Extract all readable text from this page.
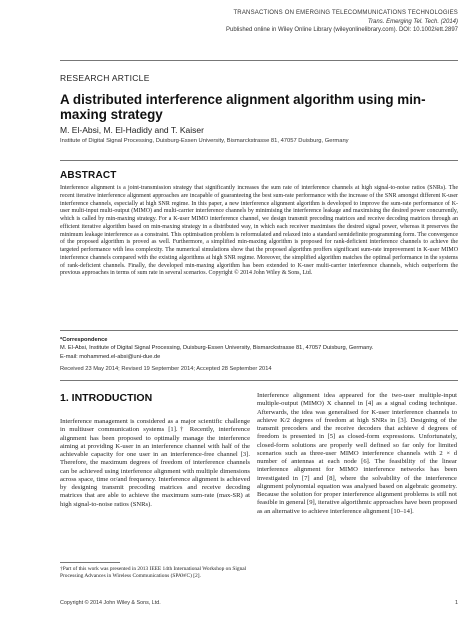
TRANSACTIONS ON EMERGING TELECOMMUNICATIONS TECHNOLOGIES
Trans. Emerging Tel. Tech. (2014)
Published online in Wiley Online Library (wileyonlinelibrary.com). DOI: 10.1002/ett.2897
RESEARCH ARTICLE
A distributed interference alignment algorithm using min-maxing strategy
M. El-Absi, M. El-Hadidy and T. Kaiser
Institute of Digital Signal Processing, Duisburg-Essen University, Bismarckstrasse 81, 47057 Duisburg, Germany
ABSTRACT
Interference alignment is a joint-transmission strategy that significantly increases the sum rate of interference channels at high signal-to-noise ratios (SNRs). The recent iterative interference alignment approaches are incapable of guaranteeing the best sum-rate performance with the increase of the SNR amongst different K-user interference channels, especially at high SNR regime. In this paper, a new interference alignment algorithm is developed to improve the sum-rate performance of K-user multi-input multi-output (MIMO) and multi-carrier interference channels by minimising the interference leakage and maximising the desired power concurrently, which is called by min-maxing strategy. For a K-user MIMO interference channel, we design transmit precoding matrices and receive decoding matrices through an efficient iterative algorithm based on min-maxing strategy in a distributed way, in which each receiver maximises the desired signal power, whereas it preserves the minimum leakage interference as a constraint. This optimisation problem is reformulated and relaxed into a standard semidefinite programming form. The convergence of the proposed algorithm is proved as well. Furthermore, a simplified min-maxing algorithm is proposed for rank-deficient interference channels to achieve the targeted performance with less complexity. The numerical simulations show that the proposed algorithm proffers significant sum-rate improvement in K-user MIMO interference channels compared with the existing algorithms at high SNR regime. Moreover, the simplified algorithm matches the optimal performance in the systems of rank-deficient channels. Finally, the developed min-maxing algorithm has been extended to K-user multi-carrier interference channels, which outperform the previous approaches in terms of sum rate in several scenarios. Copyright © 2014 John Wiley & Sons, Ltd.
*Correspondence
M. El-Absi, Institute of Digital Signal Processing, Duisburg-Essen University, Bismarckstrasse 81, 47057 Duisburg, Germany.
E-mail: mohammed.el-absi@uni-due.de
Received 23 May 2014; Revised 19 September 2014; Accepted 28 September 2014
1. INTRODUCTION
Interference management is considered as a major scientific challenge in multiuser communication systems [1].† Recently, interference alignment has been proposed to optimally manage the interference aiming at providing K-user in an interference channel with half of the achievable capacity for one user in an interference-free channel [3]. Therefore, the maximum degrees of freedom of interference channels can be achieved using interference alignment with multiple dimensions across space, time or/and frequency. Interference alignment is achieved by designing transmit precoding matrices and receive decoding matrices that are able to achieve the maximum sum-rate (max-SR) at high signal-to-noise ratios (SNRs).
Interference alignment idea appeared for the two-user multiple-input multiple-output (MIMO) X channel in [4] as a signal coding technique. Afterwards, the idea was generalised for K-user interference channels to achieve K/2 degrees of freedom at high SNRs in [3]. Designing of the transmit precoders and the receive decoders that achieve d degrees of freedom is presented in [5] as closed-form expressions. Unfortunately, closed-form solutions are properly well defined so far only for limited scenarios such as three-user MIMO interference channels with 2 × d number of antennas at each node [6]. The feasibility of the linear interference alignment for MIMO interference networks has been investigated in [7] and [8], where the solvability of the interference alignment polynomial equation was analysed based on algebraic geometry. Because the solution for proper interference alignment problems is still not feasible in general [9], iterative algorithmic approaches have been proposed as an alternative to achieve interference alignment [10–14].
†Part of this work was presented in 2013 IEEE 14th International Workshop on Signal Processing Advances in Wireless Communications (SPAWC) [2].
Copyright © 2014 John Wiley & Sons, Ltd.	1
